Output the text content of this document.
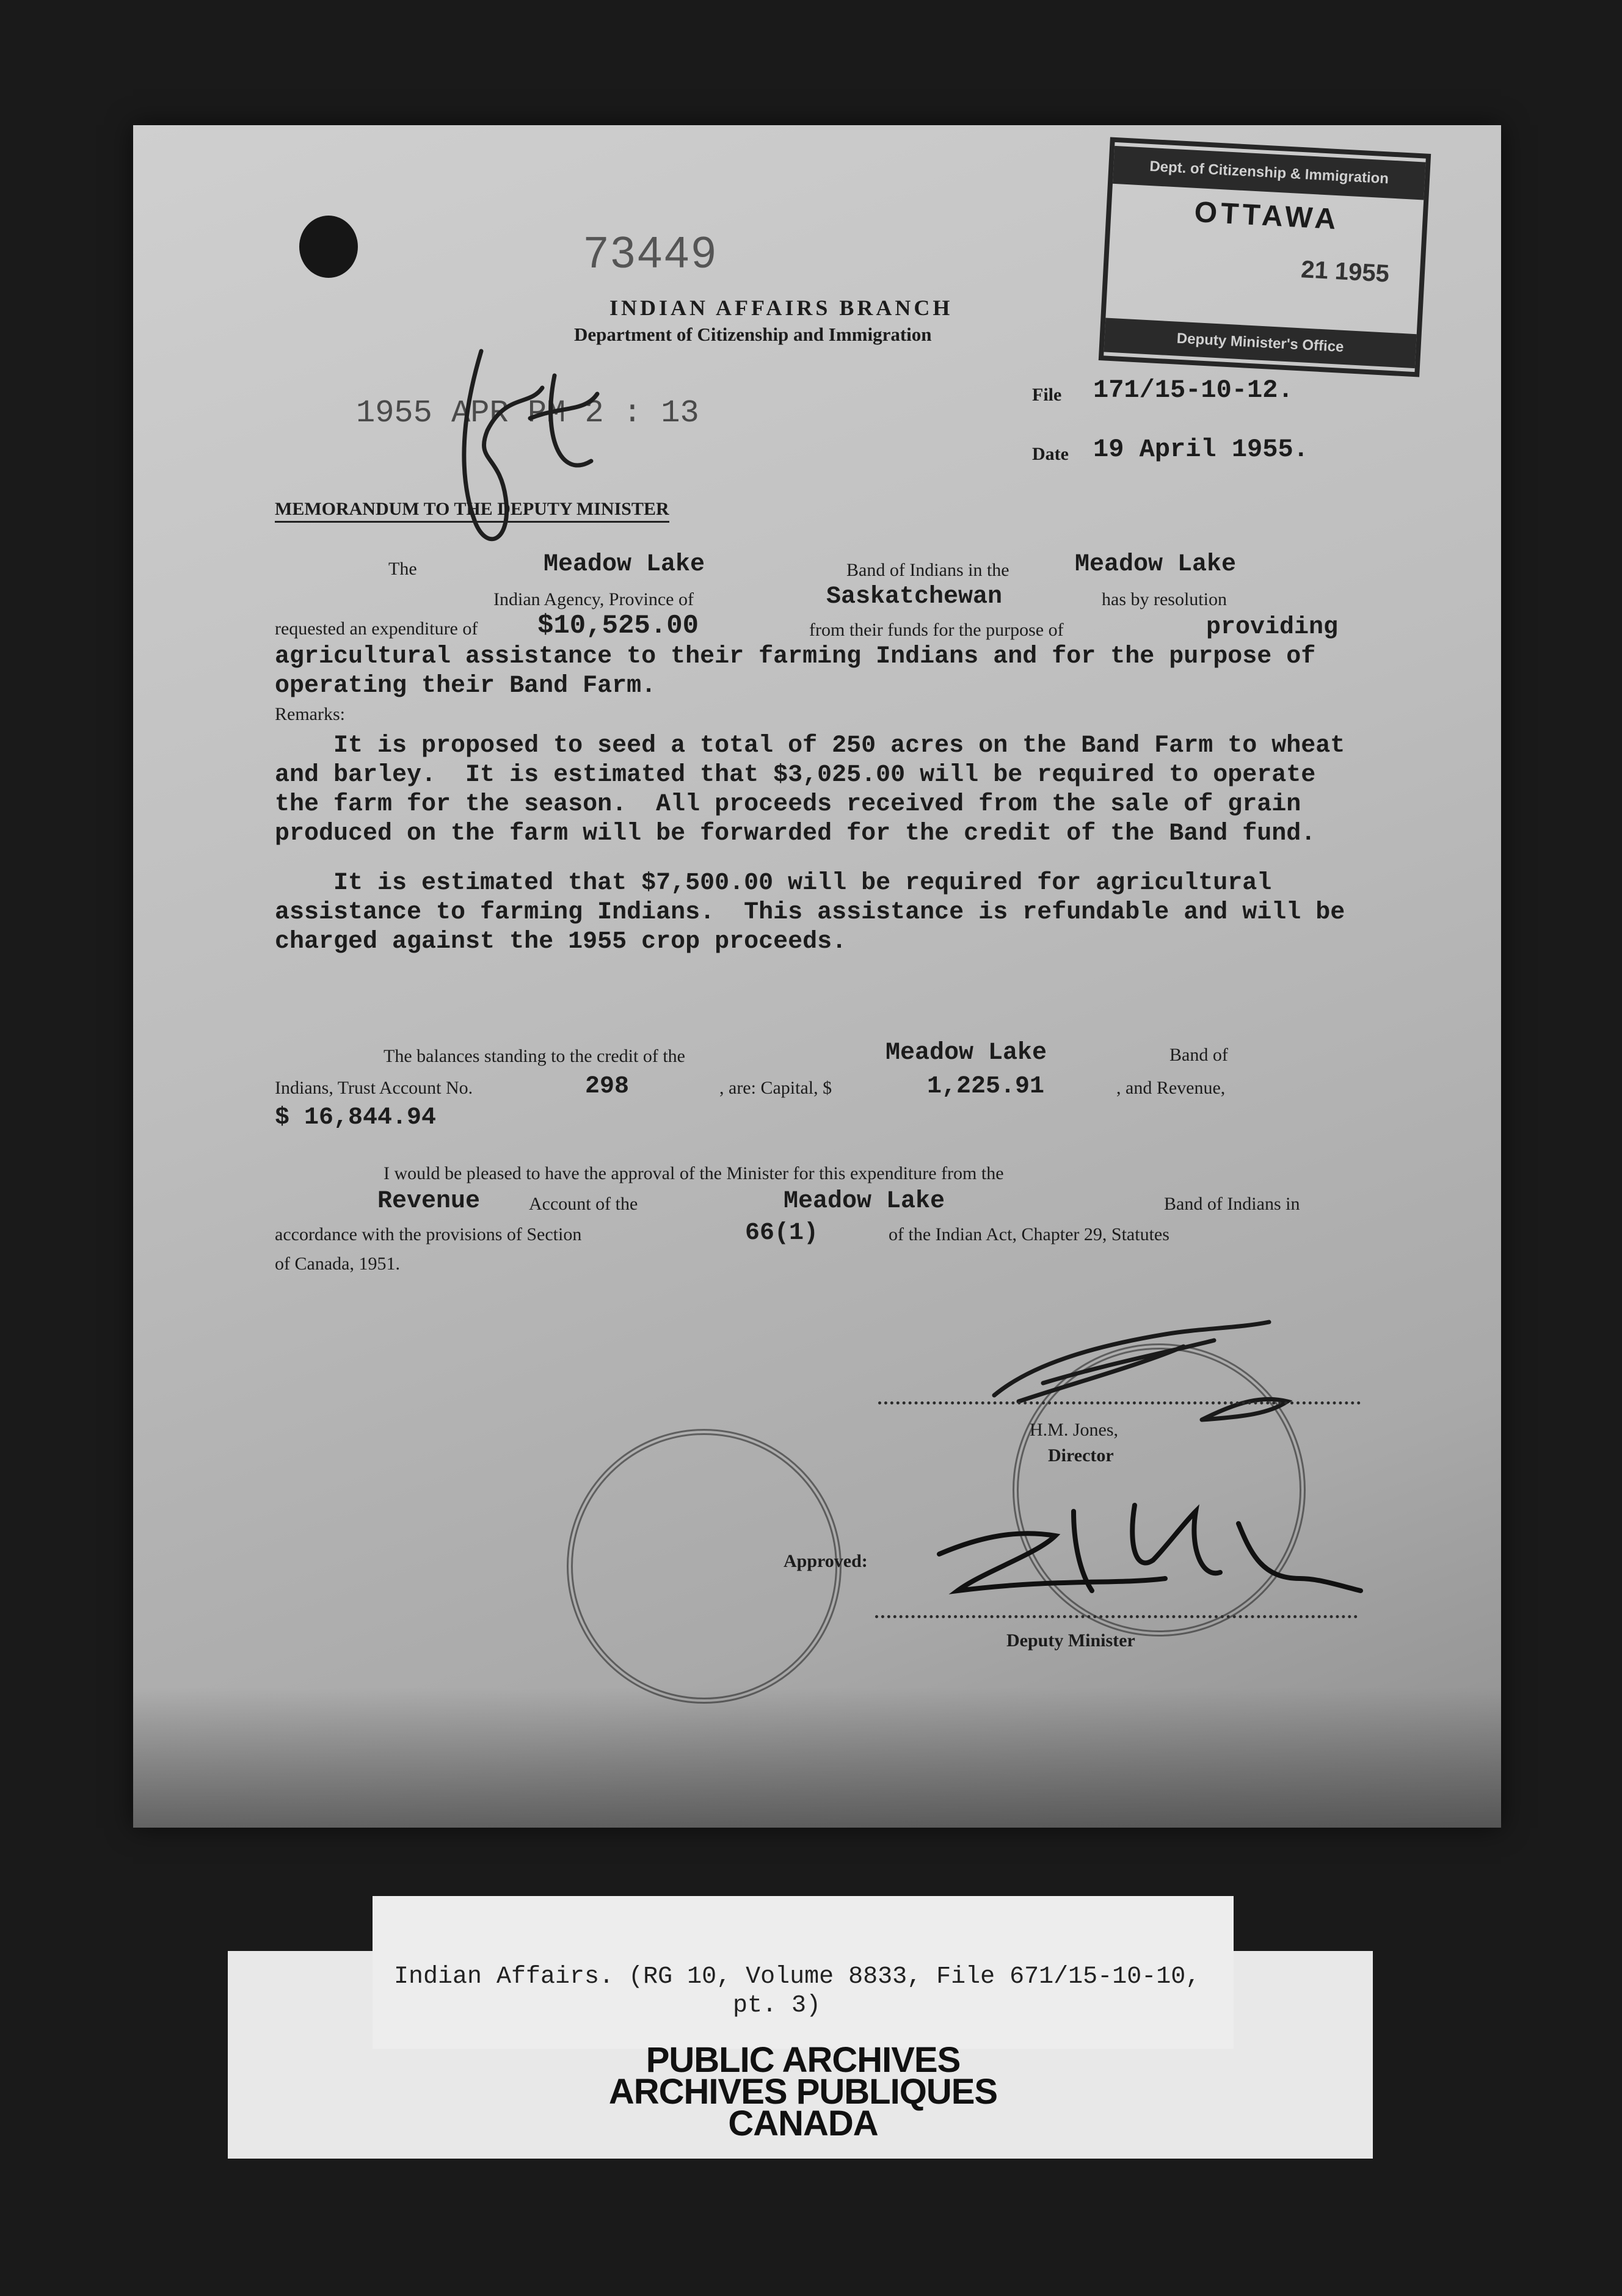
Dept. of Citizenship & Immigration
OTTAWA
21 1955
Deputy Minister's Office
73449
INDIAN AFFAIRS BRANCH
Department of Citizenship and Immigration
1955 APR PM 2 : 13
File 171/15-10-12.
Date 19 April 1955.
MEMORANDUM TO THE DEPUTY MINISTER
The	Meadow Lake	Band of Indians in the	Meadow Lake
Indian Agency, Province of	Saskatchewan	has by resolution
requested an expenditure of $10,525.00	from their funds for the purpose of	providing
agricultural assistance to their farming Indians and for the purpose of
operating their Band Farm.
Remarks:
It is proposed to seed a total of 250 acres on the Band Farm to wheat
and barley.  It is estimated that $3,025.00 will be required to operate
the farm for the season.  All proceeds received from the sale of grain
produced on the farm will be forwarded for the credit of the Band fund.
It is estimated that $7,500.00 will be required for agricultural
assistance to farming Indians.  This assistance is refundable and will be
charged against the 1955 crop proceeds.
The balances standing to the credit of the	Meadow Lake	Band of
Indians, Trust Account No.	298	, are: Capital, $	1,225.91	, and Revenue,
$ 16,844.94
I would be pleased to have the approval of the Minister for this expenditure from the
Revenue	Account of the	Meadow Lake	Band of Indians in
accordance with the provisions of Section	66(1)	of the Indian Act, Chapter 29, Statutes
of Canada, 1951.
H.M. Jones,
Director
Approved:
Deputy Minister
Indian Affairs. (RG 10, Volume 8833, File 671/15-10-10,
pt. 3)
PUBLIC ARCHIVES
ARCHIVES PUBLIQUES
CANADA
